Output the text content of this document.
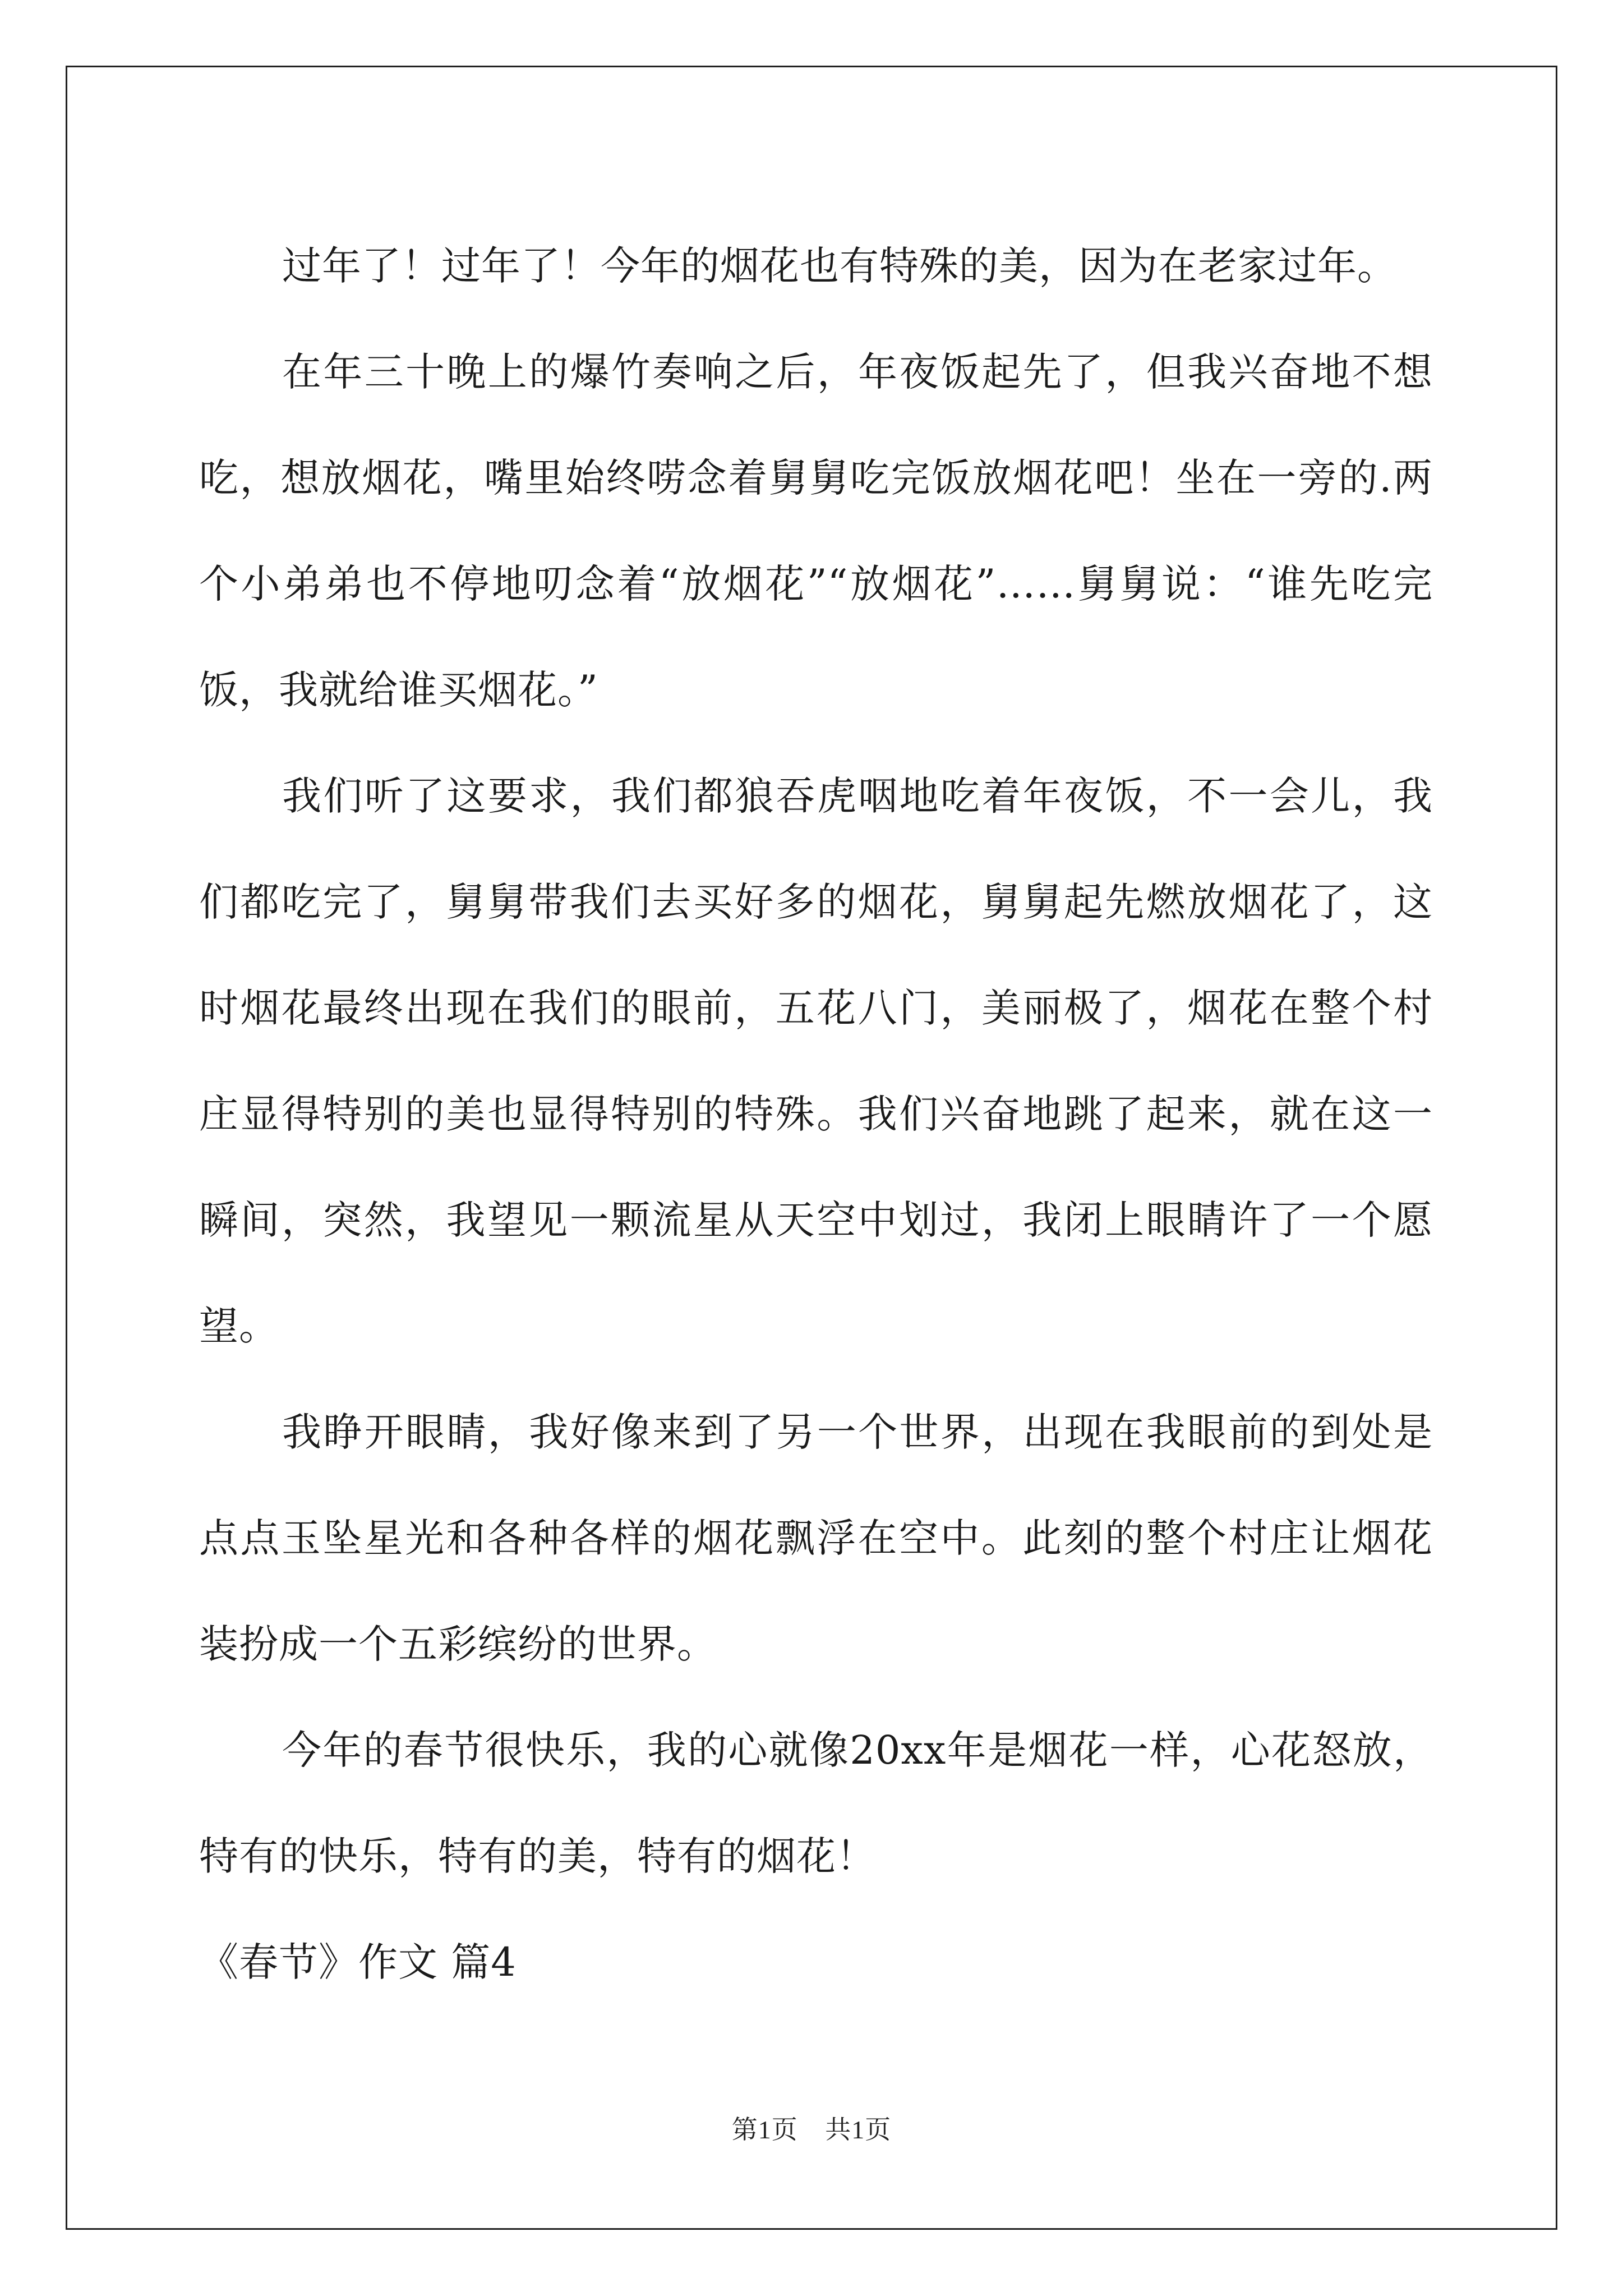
过年了！过年了！今年的烟花也有特殊的美，因为在老家过年。

在年三十晚上的爆竹奏响之后，年夜饭起先了，但我兴奋地不想吃，想放烟花，嘴里始终唠念着舅舅吃完饭放烟花吧！坐在一旁的.两个小弟弟也不停地叨念着“放烟花”“放烟花”……舅舅说：“谁先吃完饭，我就给谁买烟花。”

我们听了这要求，我们都狼吞虎咽地吃着年夜饭，不一会儿，我们都吃完了，舅舅带我们去买好多的烟花，舅舅起先燃放烟花了，这时烟花最终出现在我们的眼前，五花八门，美丽极了，烟花在整个村庄显得特别的美也显得特别的特殊。我们兴奋地跳了起来，就在这一瞬间，突然，我望见一颗流星从天空中划过，我闭上眼睛许了一个愿望。

我睁开眼睛，我好像来到了另一个世界，出现在我眼前的到处是点点玉坠星光和各种各样的烟花飘浮在空中。此刻的整个村庄让烟花装扮成一个五彩缤纷的世界。

今年的春节很快乐，我的心就像20xx年是烟花一样，心花怒放，特有的快乐，特有的美，特有的烟花！

《春节》作文 篇4

第1页 共1页
